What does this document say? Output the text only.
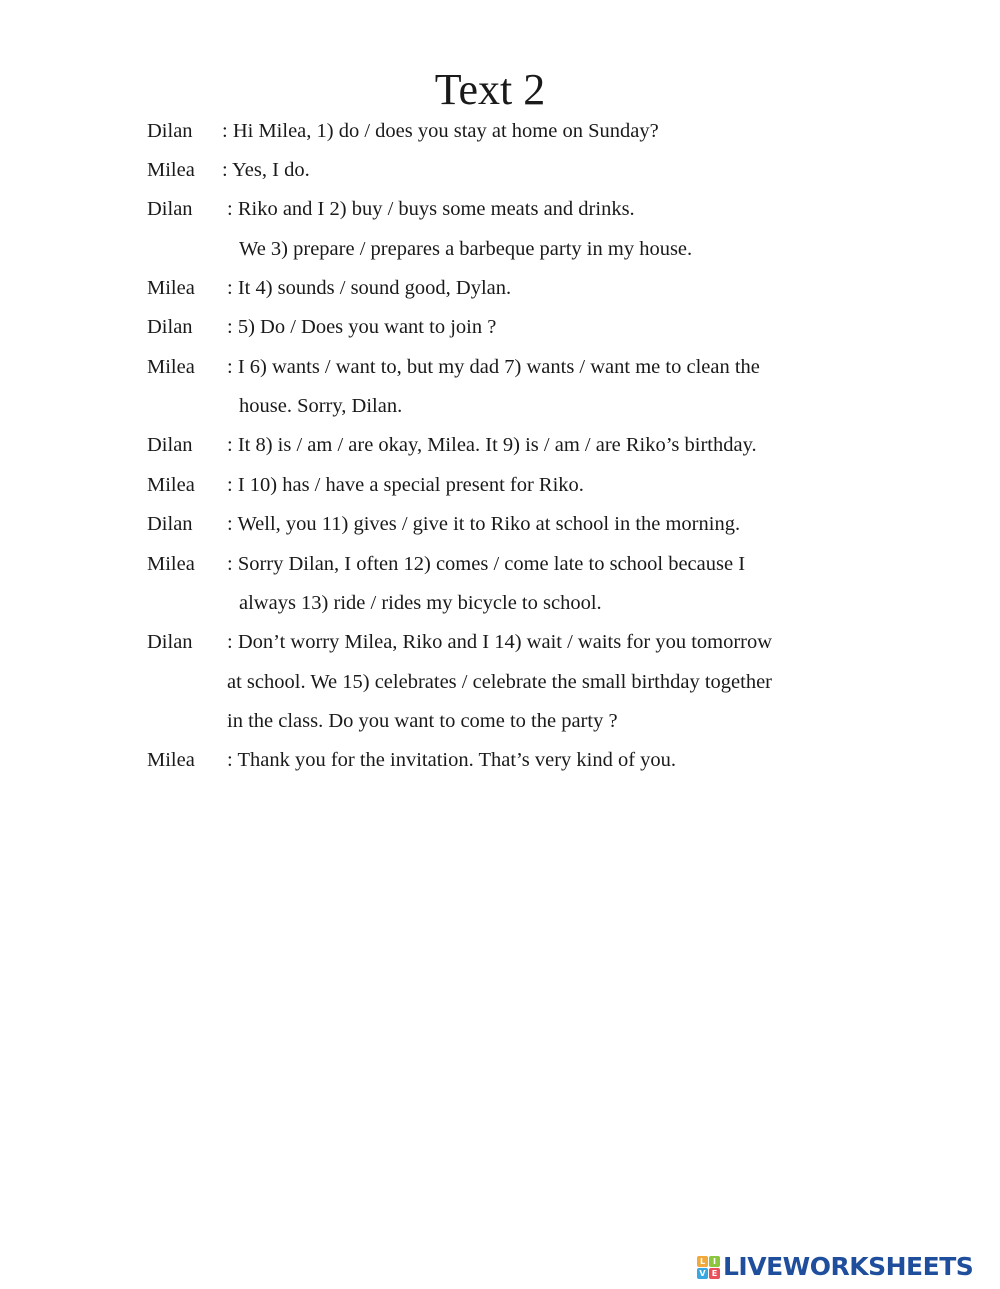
Text 2
Dilan : Hi Milea, 1) do / does you stay at home on Sunday?
Milea : Yes, I do.
Dilan : Riko and I 2) buy / buys some meats and drinks.
We 3) prepare / prepares a barbeque party in my house.
Milea : It 4) sounds / sound good, Dylan.
Dilan : 5) Do / Does you want to join ?
Milea : I 6) wants / want to, but my dad 7) wants / want me to clean the
house. Sorry, Dilan.
Dilan : It 8) is / am / are okay, Milea. It 9) is / am / are Riko’s birthday.
Milea : I 10) has / have a special present for Riko.
Dilan : Well, you 11) gives / give it to Riko at school in the morning.
Milea : Sorry Dilan, I often 12) comes / come late to school because I
always 13) ride / rides my bicycle to school.
Dilan : Don’t worry Milea, Riko and I 14) wait / waits for you tomorrow
at school. We 15) celebrates / celebrate the small birthday together
in the class. Do you want to come to the party ?
Milea : Thank you for the invitation. That’s very kind of you.
L I
V E LIVEWORKSHEETS
